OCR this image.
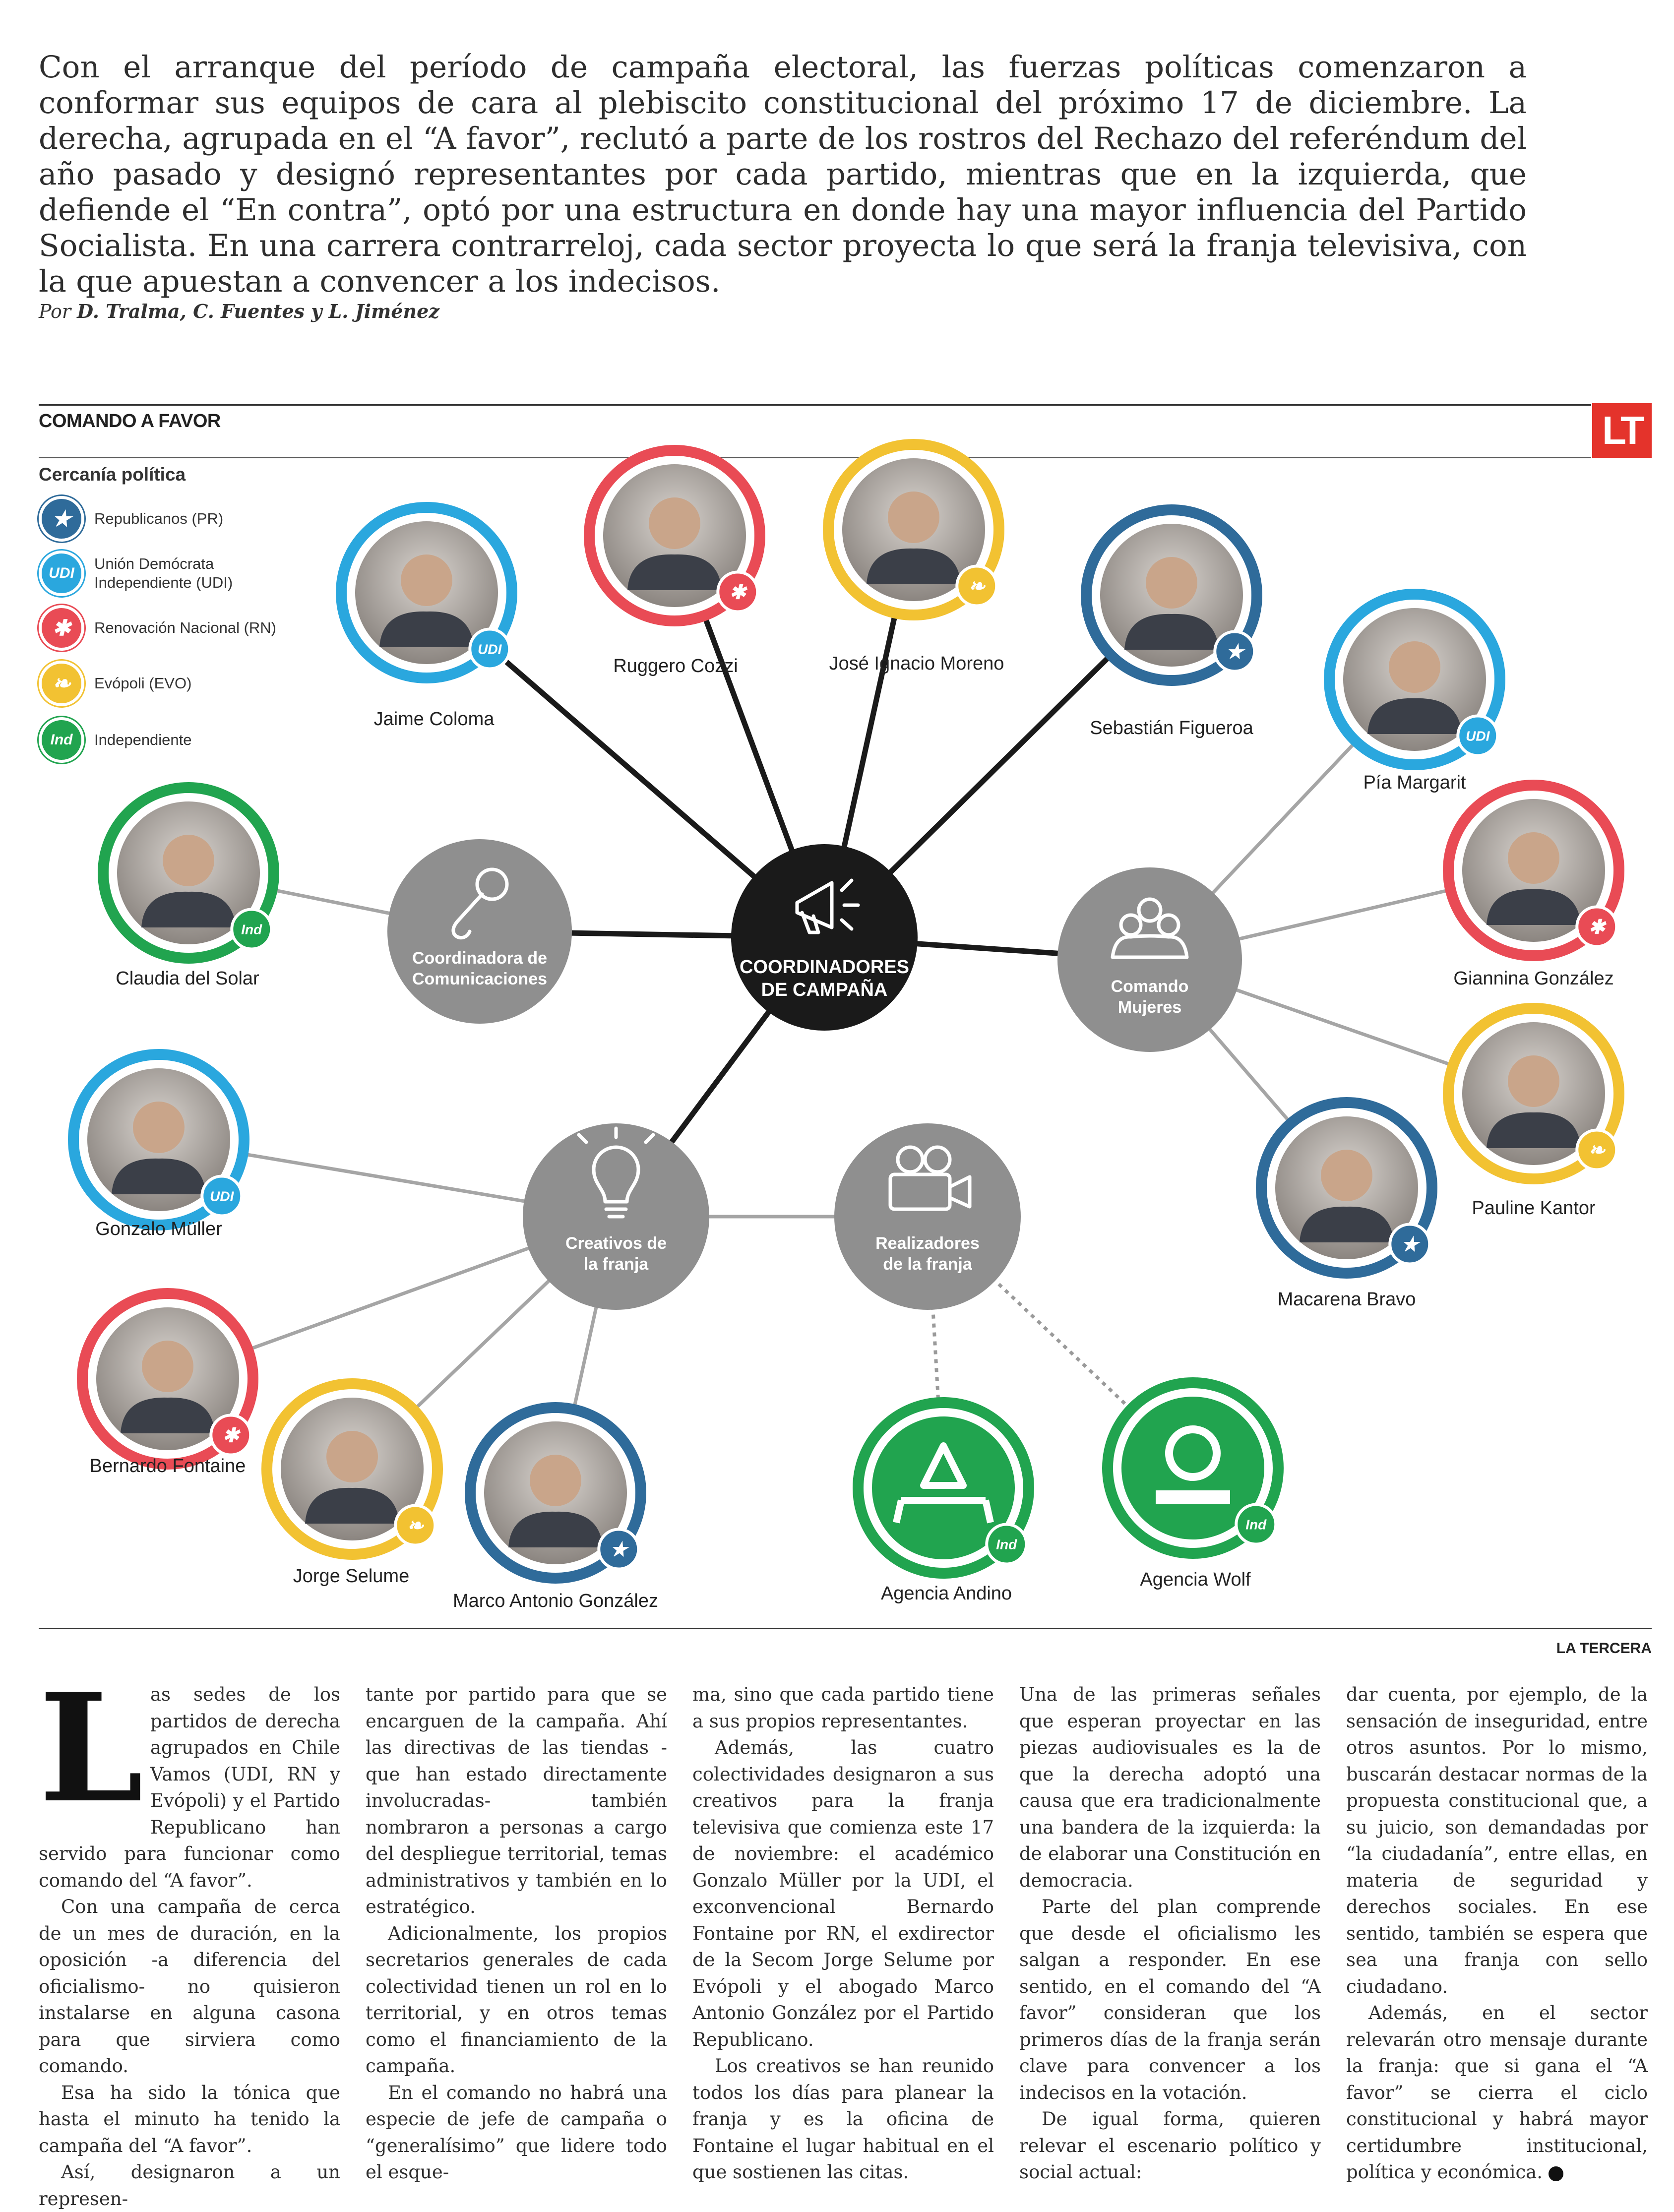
Con el arranque del período de campaña electoral, las fuerzas políticas comenzaron a conformar sus equipos de cara al plebiscito constitucional del próximo 17 de diciembre. La derecha, agrupada en el “A favor”, reclutó a parte de los rostros del Rechazo del referéndum del año pasado y designó representantes por cada partido, mientras que en la izquierda, que defiende el “En contra”, optó por una estructura en donde hay una mayor influencia del Partido Socialista. En una carrera contrarreloj, cada sector proyecta lo que será la franja televisiva, con la que apuestan a convencer a los indecisos.

Por D. Tralma, C. Fuentes y L. Jiménez
COMANDO A FAVOR	LT
Cercanía política
★	Republicanos (PR)
UDI
Unión Demócrata Independiente (UDI)
✱	Renovación Nacional (RN)
❧	Evópoli (EVO)
Ind	Independiente
COORDINADORES
DE CAMPAÑA
Coordinadora de
Comunicaciones	Comando
Mujeres
Creativos de
la franja
Realizadores
de la franja
UDI
Jaime Coloma
✱
Ruggero Cozzi
❧
José Ignacio Moreno
★
Sebastián Figueroa	UDI
Pía Margarit
✱
Giannina González
❧
Pauline Kantor
★
Macarena Bravo
Ind
Claudia del Solar
UDI
Gonzalo Müller
✱
Bernardo Fontaine
❧
Jorge Selume
★
Marco Antonio González
Ind
Agencia Andino
Ind
Agencia Wolf
LA TERCERA
L as sedes de los partidos de derecha agrupados en Chile Vamos (UDI, RN y Evópoli) y el Partido Republicano han servido para funcionar como comando del “A favor”.

Con una campaña de cerca de un mes de duración, en la oposición -a diferencia del oficialismo- no quisieron instalarse en alguna casona para que sirviera como comando.

Esa ha sido la tónica que hasta el minuto ha tenido la campaña del “A favor”.

Así, designaron a un represen-

tante por partido para que se encarguen de la campaña. Ahí las directivas de las tiendas -que han estado directamente involucradas- también nombraron a personas a cargo del despliegue territorial, temas administrativos y también en lo estratégico.

Adicionalmente, los propios secretarios generales de cada colectividad tienen un rol en lo territorial, y en otros temas como el financiamiento de la campaña.

En el comando no habrá una especie de jefe de campaña o “generalísimo” que lidere todo el esque-

ma, sino que cada partido tiene a sus propios representantes.

Además, las cuatro colectividades designaron a sus creativos para la franja televisiva que comienza este 17 de noviembre: el académico Gonzalo Müller por la UDI, el exconvencional Bernardo Fontaine por RN, el exdirector de la Secom Jorge Selume por Evópoli y el abogado Marco Antonio González por el Partido Republicano.

Los creativos se han reunido todos los días para planear la franja y es la oficina de Fontaine el lugar habitual en el que sostienen las citas.

Una de las primeras señales que esperan proyectar en las piezas audiovisuales es la de que la derecha adoptó una causa que era tradicionalmente una bandera de la izquierda: la de elaborar una Constitución en democracia.

Parte del plan comprende que desde el oficialismo les salgan a responder. En ese sentido, en el comando del “A favor” consideran que los primeros días de la franja serán clave para convencer a los indecisos en la votación.

De igual forma, quieren relevar el escenario político y social actual:

dar cuenta, por ejemplo, de la sensación de inseguridad, entre otros asuntos. Por lo mismo, buscarán destacar normas de la propuesta constitucional que, a su juicio, son demandadas por “la ciudadanía”, entre ellas, en materia de seguridad y derechos sociales. En ese sentido, también se espera que sea una franja con sello ciudadano.

Además, en el sector relevarán otro mensaje durante la franja: que si gana el “A favor” se cierra el ciclo constitucional y habrá mayor certidumbre institucional, política y económica.
